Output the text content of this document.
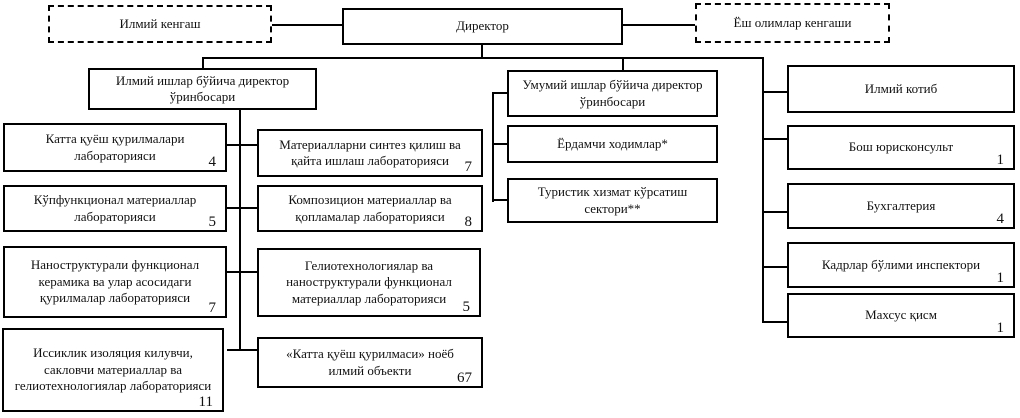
Илмий кенгаш	Директор	Ёш олимлар кенгаши
Илмий ишлар бўйича директор ўринбосари
Умумий ишлар бўйича директор ўринбосари
Ёрдамчи ходимлар*
Туристик хизмат кўрсатиш сектори**
Катта қуёш қурилмалари лабораторияси	4
Кўпфункционал материаллар лабораторияси	5
Наноструктурали функционал керамика ва улар асосидаги қурилмалар лабораторияси
7
Иссиклик изоляция килувчи, сакловчи материаллар ва гелиотехнологиялар лабораторияси
11
Материалларни синтез қилиш ва қайта ишлаш лабораторияси	7
Композицион материаллар ва қопламалар лабораторияси	8
Гелиотехнологиялар ва наноструктурали функционал материаллар лабораторияси
5
«Катта қуёш қурилмаси» ноёб илмий объекти	67
Илмий котиб
Бош юрисконсульт
1
Бухгалтерия
4
Кадрлар бўлими инспектори
1
Махсус қисм
1
